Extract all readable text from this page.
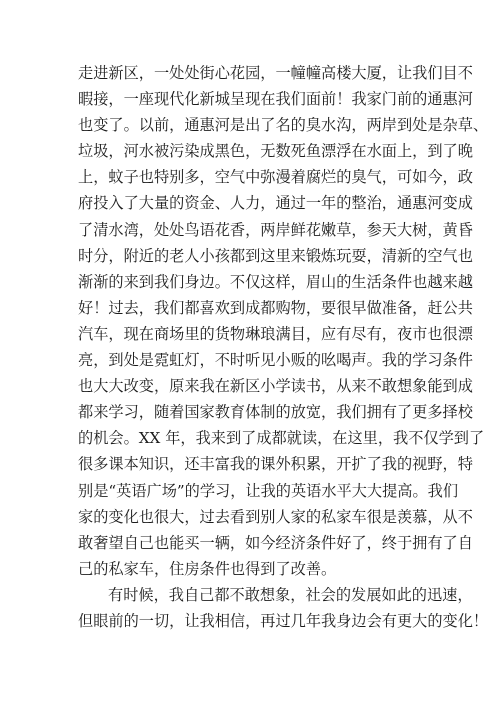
走进新区，一处处街心花园，一幢幢高楼大厦，让我们目不
暇接，一座现代化新城呈现在我们面前！我家门前的通惠河
也变了。以前，通惠河是出了名的臭水沟，两岸到处是杂草、
垃圾，河水被污染成黑色，无数死鱼漂浮在水面上，到了晚
上，蚊子也特别多，空气中弥漫着腐烂的臭气，可如今，政
府投入了大量的资金、人力，通过一年的整治，通惠河变成
了清水湾，处处鸟语花香，两岸鲜花嫩草，参天大树，黄昏
时分，附近的老人小孩都到这里来锻炼玩耍，清新的空气也
渐渐的来到我们身边。不仅这样，眉山的生活条件也越来越
好！过去，我们都喜欢到成都购物，要很早做准备，赶公共
汽车，现在商场里的货物琳琅满目，应有尽有，夜市也很漂
亮，到处是霓虹灯，不时听见小贩的吆喝声。我的学习条件
也大大改变，原来我在新区小学读书，从来不敢想象能到成
都来学习，随着国家教育体制的放宽，我们拥有了更多择校
的机会。XX 年，我来到了成都就读，在这里，我不仅学到了
很多课本知识，还丰富我的课外积累，开扩了我的视野，特
别是“英语广场”的学习，让我的英语水平大大提高。我们
家的变化也很大，过去看到别人家的私家车很是羡慕，从不
敢奢望自己也能买一辆，如今经济条件好了，终于拥有了自
己的私家车，住房条件也得到了改善。
有时候，我自己都不敢想象，社会的发展如此的迅速，
但眼前的一切，让我相信，再过几年我身边会有更大的变化！
